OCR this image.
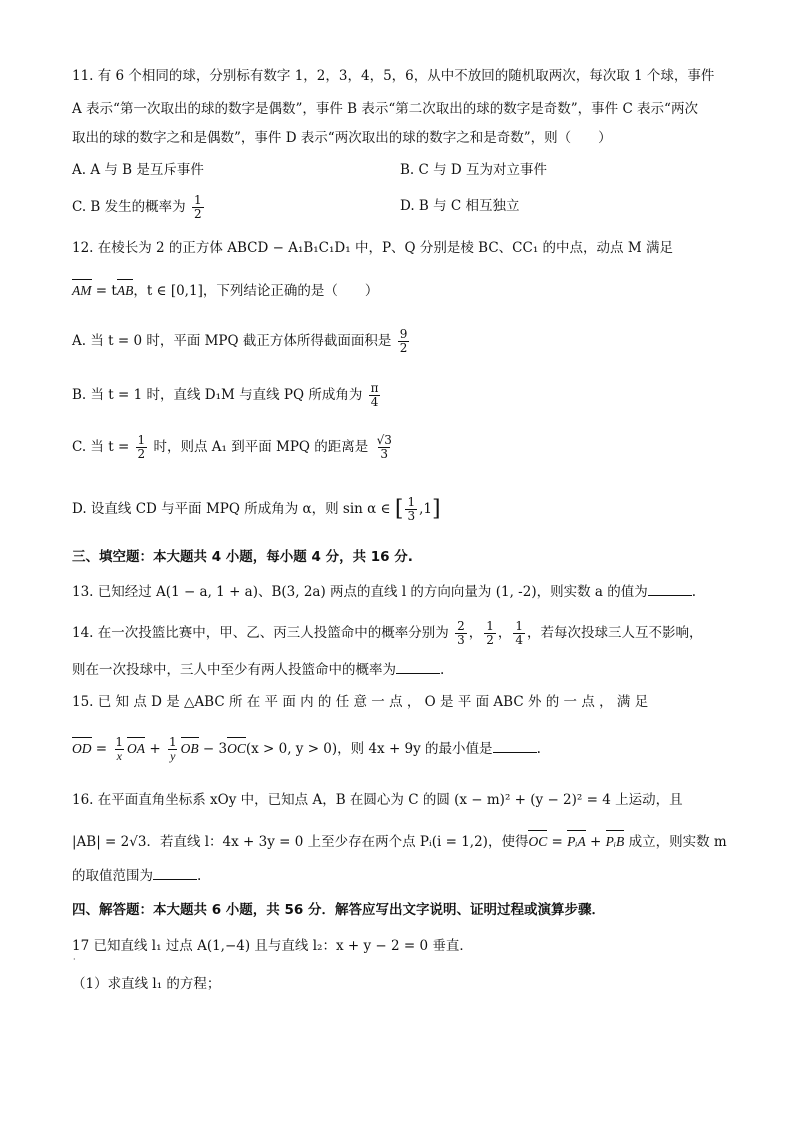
11. 有 6 个相同的球，分别标有数字 1，2，3，4，5，6，从中不放回的随机取两次，每次取 1 个球，事件
A 表示“第一次取出的球的数字是偶数”，事件 B 表示“第二次取出的球的数字是奇数”，事件 C 表示“两次
取出的球的数字之和是偶数”，事件 D 表示“两次取出的球的数字之和是奇数”，则（　　）
A. A 与 B 是互斥事件	B. C 与 D 互为对立事件
C. B 发生的概率为 $\frac{1}{2}$	D. B 与 C 相互独立
12. 在棱长为 2 的正方体 ABCD − A₁B₁C₁D₁ 中，P、Q 分别是棱 BC、CC₁ 的中点，动点 M 满足
AM = tAB，t ∈ [0,1]，下列结论正确的是（　　）
A. 当 t = 0 时，平面 MPQ 截正方体所得截面面积是 $\frac{9}{2}$
B. 当 t = 1 时，直线 D₁M 与直线 PQ 所成角为 $\frac{\pi}{4}$
C. 当 $t = \frac{1}{2}$ 时，则点 A₁ 到平面 MPQ 的距离是 $\frac{√3}{3}$
D. 设直线 CD 与平面 MPQ 所成角为 α，则 sin α ∈ [ $\frac{1}{3} ,1$]
三、填空题：本大题共 4 小题，每小题 4 分，共 16 分.
13. 已知经过 A(1 − a, 1 + a)、B(3, 2a) 两点的直线 l 的方向向量为 (1, -2)，则实数 a 的值为	.
14. 在一次投篮比赛中，甲、乙、丙三人投篮命中的概率分别为 $\frac{2}{3}$ ， $\frac{1}{2}$ ， $\frac{1}{4}$ ，若每次投球三人互不影响，
则在一次投球中，三人中至少有两人投篮命中的概率为	.
15. 已 知 点 D 是 △ABC 所 在 平 面 内 的 任 意 一 点 ， O 是 平 面 ABC 外 的 一 点 ， 满 足
OD = $\frac{1}{x}$ OA + $\frac{1}{y}$ OB − 3OC(x > 0, y > 0)，则 4x + 9y 的最小值是	.
16. 在平面直角坐标系 xOy 中，已知点 A，B 在圆心为 C 的圆 (x − m)² + (y − 2)² = 4 上运动，且
|AB| = 2√3．若直线 l：4x + 3y = 0 上至少存在两个点 Pᵢ(i = 1,2)，使得OC = PᵢA + PᵢB 成立，则实数 m
的取值范围为	.
四、解答题：本大题共 6 小题，共 56 分．解答应写出文字说明、证明过程或演算步骤．
17 已知直线 l₁ 过点 A(1,−4) 且与直线 l₂：x + y − 2 = 0 垂直．
·
（1）求直线 l₁ 的方程；
